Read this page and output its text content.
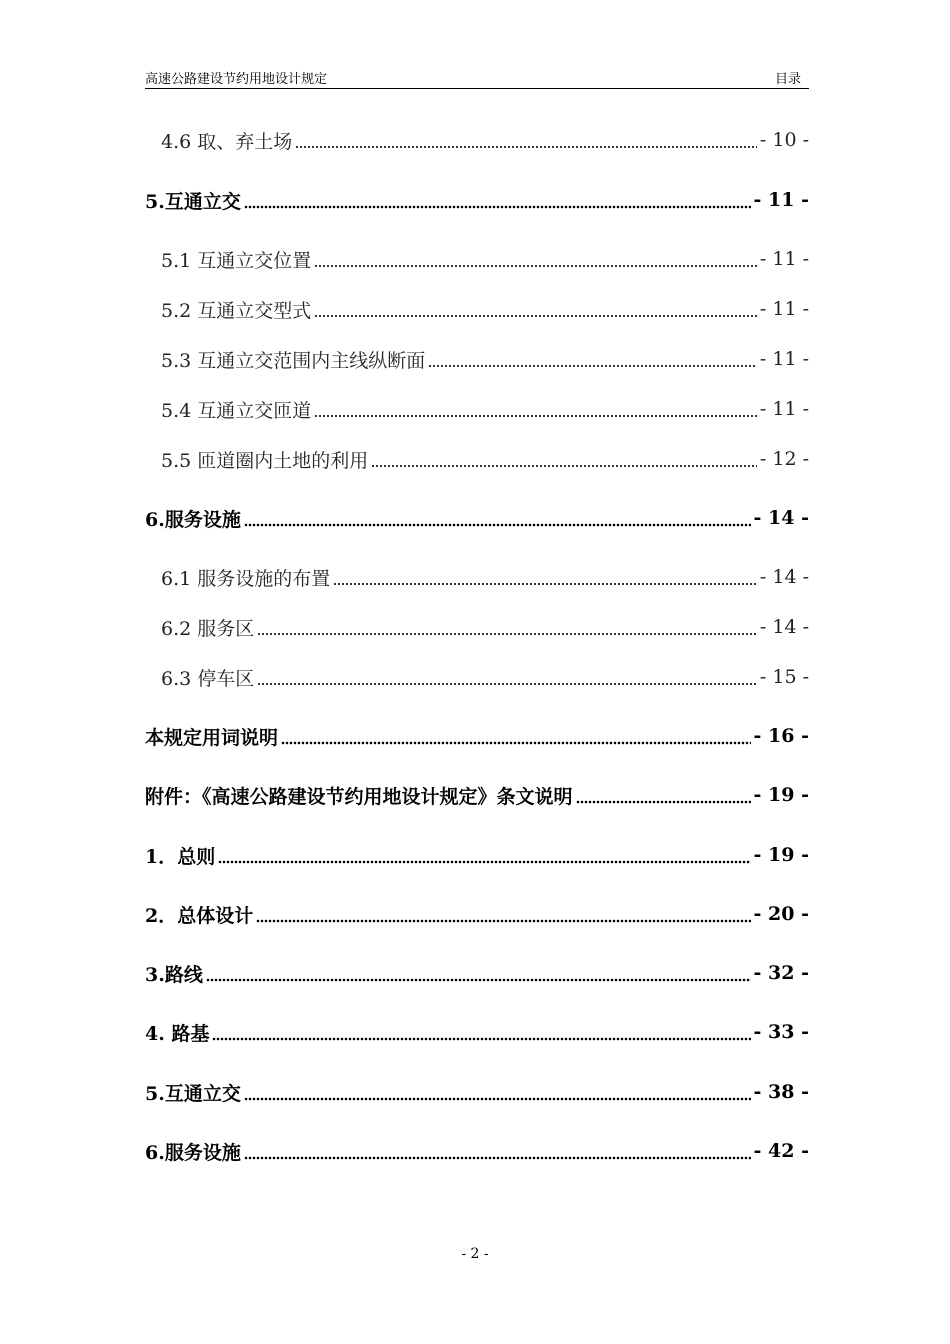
高速公路建设节约用地设计规定	目录
4.6 取、弃土场	- 10 -
5.互通立交	- 11 -
5.1 互通立交位置	- 11 -
5.2 互通立交型式	- 11 -
5.3 互通立交范围内主线纵断面	- 11 -
5.4 互通立交匝道	- 11 -
5.5 匝道圈内土地的利用	- 12 -
6.服务设施	- 14 -
6.1 服务设施的布置	- 14 -
6.2 服务区	- 14 -
6.3 停车区	- 15 -
本规定用词说明	- 16 -
附件：《高速公路建设节约用地设计规定》条文说明	- 19 -
1．总则	- 19 -
2．总体设计	- 20 -
3.路线	- 32 -
4. 路基	- 33 -
5.互通立交	- 38 -
6.服务设施	- 42 -
- 2 -
